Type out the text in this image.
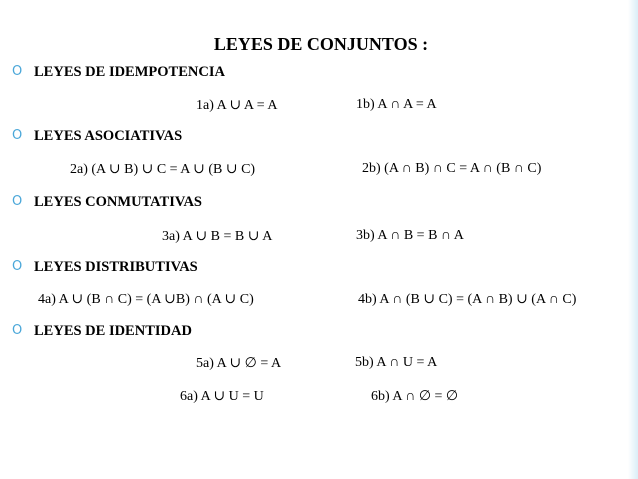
LEYES DE CONJUNTOS :
O LEYES DE IDEMPOTENCIA
1a) A ∪ A = A	1b) A ∩ A = A
O LEYES ASOCIATIVAS
2a) (A ∪ B) ∪ C = A ∪ (B ∪ C)	2b) (A ∩ B) ∩ C = A ∩ (B ∩ C)
O LEYES CONMUTATIVAS
3a) A ∪ B = B ∪ A	3b) A ∩ B = B ∩ A
O LEYES DISTRIBUTIVAS
4a) A ∪ (B ∩ C) = (A ∪B) ∩ (A ∪ C)	4b) A ∩ (B ∪ C) = (A ∩ B) ∪ (A ∩ C)
O LEYES DE IDENTIDAD
5a) A ∪ ∅ = A	5b) A ∩ U = A
6a) A ∪ U = U	6b) A ∩ ∅ = ∅
